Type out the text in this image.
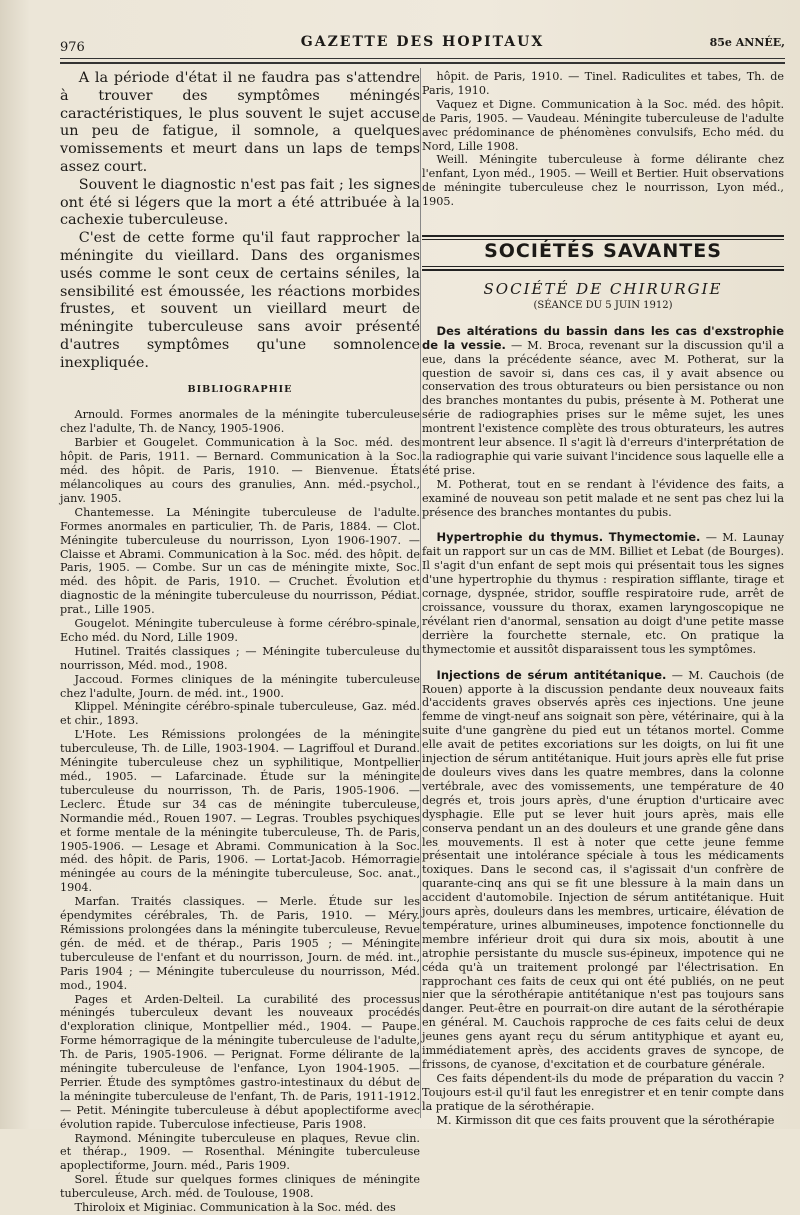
976	GAZETTE DES HOPITAUX	85e ANNÉE,

A la période d'état il ne faudra pas s'attendre à trouver des symptômes méningés caractéristiques, le plus souvent le sujet accuse un peu de fatigue, il somnole, a quelques vomissements et meurt dans un laps de temps assez court.

Souvent le diagnostic n'est pas fait ; les signes ont été si légers que la mort a été attribuée à la cachexie tuberculeuse.

C'est de cette forme qu'il faut rapprocher la méningite du vieillard. Dans des organismes usés comme le sont ceux de certains séniles, la sensibilité est émoussée, les réactions morbides frustes, et souvent un vieillard meurt de méningite tuberculeuse sans avoir présenté d'autres symptômes qu'une somnolence inexpliquée.

BIBLIOGRAPHIE

Arnould. Formes anormales de la méningite tuberculeuse chez l'adulte, Th. de Nancy, 1905-1906.

Barbier et Gougelet. Communication à la Soc. méd. des hôpit. de Paris, 1911. — Bernard. Communication à la Soc. méd. des hôpit. de Paris, 1910. — Bienvenue. États mélancoliques au cours des granulies, Ann. méd.-psychol., janv. 1905.

Chantemesse. La Méningite tuberculeuse de l'adulte. Formes anormales en particulier, Th. de Paris, 1884. — Clot. Méningite tuberculeuse du nourrisson, Lyon 1906-1907. — Claisse et Abrami. Communication à la Soc. méd. des hôpit. de Paris, 1905. — Combe. Sur un cas de méningite mixte, Soc. méd. des hôpit. de Paris, 1910. — Cruchet. Évolution et diagnostic de la méningite tuberculeuse du nourrisson, Pédiat. prat., Lille 1905.

Gougelot. Méningite tuberculeuse à forme cérébro-spinale, Echo méd. du Nord, Lille 1909.

Hutinel. Traités classiques ; — Méningite tuberculeuse du nourrisson, Méd. mod., 1908.

Jaccoud. Formes cliniques de la méningite tuberculeuse chez l'adulte, Journ. de méd. int., 1900.

Klippel. Méningite cérébro-spinale tuberculeuse, Gaz. méd. et chir., 1893.

L'Hote. Les Rémissions prolongées de la méningite tuberculeuse, Th. de Lille, 1903-1904. — Lagriffoul et Durand. Méningite tuberculeuse chez un syphilitique, Montpellier méd., 1905. — Lafarcinade. Étude sur la méningite tuberculeuse du nourrisson, Th. de Paris, 1905-1906. — Leclerc. Étude sur 34 cas de méningite tuberculeuse, Normandie méd., Rouen 1907. — Legras. Troubles psychiques et forme mentale de la méningite tuberculeuse, Th. de Paris, 1905-1906. — Lesage et Abrami. Communication à la Soc. méd. des hôpit. de Paris, 1906. — Lortat-Jacob. Hémorragie méningée au cours de la méningite tuberculeuse, Soc. anat., 1904.

Marfan. Traités classiques. — Merle. Étude sur les épendymites cérébrales, Th. de Paris, 1910. — Méry. Rémissions prolongées dans la méningite tuberculeuse, Revue gén. de méd. et de thérap., Paris 1905 ; — Méningite tuberculeuse de l'enfant et du nourrisson, Journ. de méd. int., Paris 1904 ; — Méningite tuberculeuse du nourrisson, Méd. mod., 1904.

Pages et Arden-Delteil. La curabilité des processus méningés tuberculeux devant les nouveaux procédés d'exploration clinique, Montpellier méd., 1904. — Paupe. Forme hémorragique de la méningite tuberculeuse de l'adulte, Th. de Paris, 1905-1906. — Perignat. Forme délirante de la méningite tuberculeuse de l'enfance, Lyon 1904-1905. — Perrier. Étude des symptômes gastro-intestinaux du début de la méningite tuberculeuse de l'enfant, Th. de Paris, 1911-1912. — Petit. Méningite tuberculeuse à début apoplectiforme avec évolution rapide. Tuberculose infectieuse, Paris 1908.

Raymond. Méningite tuberculeuse en plaques, Revue clin. et thérap., 1909. — Rosenthal. Méningite tuberculeuse apoplectiforme, Journ. méd., Paris 1909.

Sorel. Étude sur quelques formes cliniques de méningite tuberculeuse, Arch. méd. de Toulouse, 1908.

Thiroloix et Miginiac. Communication à la Soc. méd. des

hôpit. de Paris, 1910. — Tinel. Radiculites et tabes, Th. de Paris, 1910.

Vaquez et Digne. Communication à la Soc. méd. des hôpit. de Paris, 1905. — Vaudeau. Méningite tuberculeuse de l'adulte avec prédominance de phénomènes convulsifs, Echo méd. du Nord, Lille 1908.

Weill. Méningite tuberculeuse à forme délirante chez l'enfant, Lyon méd., 1905. — Weill et Bertier. Huit observations de méningite tuberculeuse chez le nourrisson, Lyon méd., 1905.

SOCIÉTÉS SAVANTES
SOCIÉTÉ DE CHIRURGIE
(SÉANCE DU 5 JUIN 1912)

Des altérations du bassin dans les cas d'exstrophie de la vessie. — M. Broca, revenant sur la discussion qu'il a eue, dans la précédente séance, avec M. Potherat, sur la question de savoir si, dans ces cas, il y avait absence ou conservation des trous obturateurs ou bien persistance ou non des branches montantes du pubis, présente à M. Potherat une série de radiographies prises sur le même sujet, les unes montrent l'existence complète des trous obturateurs, les autres montrent leur absence. Il s'agit là d'erreurs d'interprétation de la radiographie qui varie suivant l'incidence sous laquelle elle a été prise.

M. Potherat, tout en se rendant à l'évidence des faits, a examiné de nouveau son petit malade et ne sent pas chez lui la présence des branches montantes du pubis.

Hypertrophie du thymus. Thymectomie. — M. Launay fait un rapport sur un cas de MM. Billiet et Lebat (de Bourges). Il s'agit d'un enfant de sept mois qui présentait tous les signes d'une hypertrophie du thymus : respiration sifflante, tirage et cornage, dyspnée, stridor, souffle respiratoire rude, arrêt de croissance, voussure du thorax, examen laryngoscopique ne révélant rien d'anormal, sensation au doigt d'une petite masse derrière la fourchette sternale, etc. On pratique la thymectomie et aussitôt disparaissent tous les symptômes.

Injections de sérum antitétanique. — M. Cauchois (de Rouen) apporte à la discussion pendante deux nouveaux faits d'accidents graves observés après ces injections. Une jeune femme de vingt-neuf ans soignait son père, vétérinaire, qui à la suite d'une gangrène du pied eut un tétanos mortel. Comme elle avait de petites excoriations sur les doigts, on lui fit une injection de sérum antitétanique. Huit jours après elle fut prise de douleurs vives dans les quatre membres, dans la colonne vertébrale, avec des vomissements, une température de 40 degrés et, trois jours après, d'une éruption d'urticaire avec dysphagie. Elle put se lever huit jours après, mais elle conserva pendant un an des douleurs et une grande gêne dans les mouvements. Il est à noter que cette jeune femme présentait une intolérance spéciale à tous les médicaments toxiques. Dans le second cas, il s'agissait d'un confrère de quarante-cinq ans qui se fit une blessure à la main dans un accident d'automobile. Injection de sérum antitétanique. Huit jours après, douleurs dans les membres, urticaire, élévation de température, urines albumineuses, impotence fonctionnelle du membre inférieur droit qui dura six mois, aboutit à une atrophie persistante du muscle sus-épineux, impotence qui ne céda qu'à un traitement prolongé par l'électrisation. En rapprochant ces faits de ceux qui ont été publiés, on ne peut nier que la sérothérapie antitétanique n'est pas toujours sans danger. Peut-être en pourrait-on dire autant de la sérothérapie en général. M. Cauchois rapproche de ces faits celui de deux jeunes gens ayant reçu du sérum antityphique et ayant eu, immédiatement après, des accidents graves de syncope, de frissons, de cyanose, d'excitation et de courbature générale.

Ces faits dépendent-ils du mode de préparation du vaccin ? Toujours est-il qu'il faut les enregistrer et en tenir compte dans la pratique de la sérothérapie.

M. Kirmisson dit que ces faits prouvent que la sérothérapie
